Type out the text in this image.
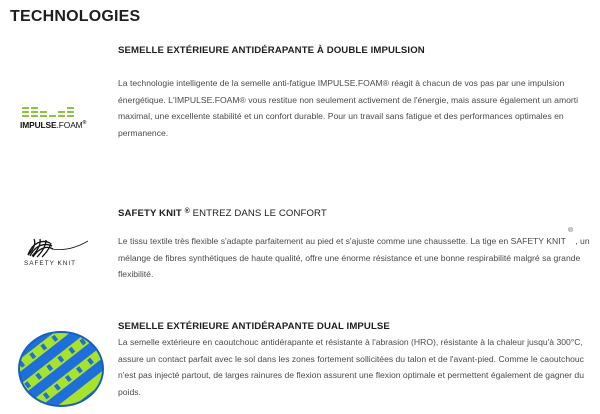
TECHNOLOGIES
IMPULSE.FOAM®
SEMELLE EXTÉRIEURE ANTIDÉRAPANTE À DOUBLE IMPULSION
La technologie intelligente de la semelle anti-fatigue IMPULSE.FOAM® réagit à chacun de vos pas par une impulsion énergétique. L'IMPULSE.FOAM® vous restitue non seulement activement de l'énergie, mais assure également un amorti maximal, une excellente stabilité et un confort durable. Pour un travail sans fatigue et des performances optimales en permanence.
SAFETY KNIT
SAFETY KNIT ® ENTREZ DANS LE CONFORT
Le tissu textile très flexible s'adapte parfaitement au pied et s'ajuste comme une chaussette. La tige en SAFETY KNIT ® , un mélange de fibres synthétiques de haute qualité, offre une énorme résistance et une bonne respirabilité malgré sa grande flexibilité.
SEMELLE EXTÉRIEURE ANTIDÉRAPANTE DUAL IMPULSE
La semelle extérieure en caoutchouc antidérapante et résistante à l'abrasion (HRO), résistante à la chaleur jusqu'à 300°C, assure un contact parfait avec le sol dans les zones fortement sollicitées du talon et de l'avant-pied. Comme le caoutchouc n'est pas injecté partout, de larges rainures de flexion assurent une flexion optimale et permettent également de gagner du poids.
